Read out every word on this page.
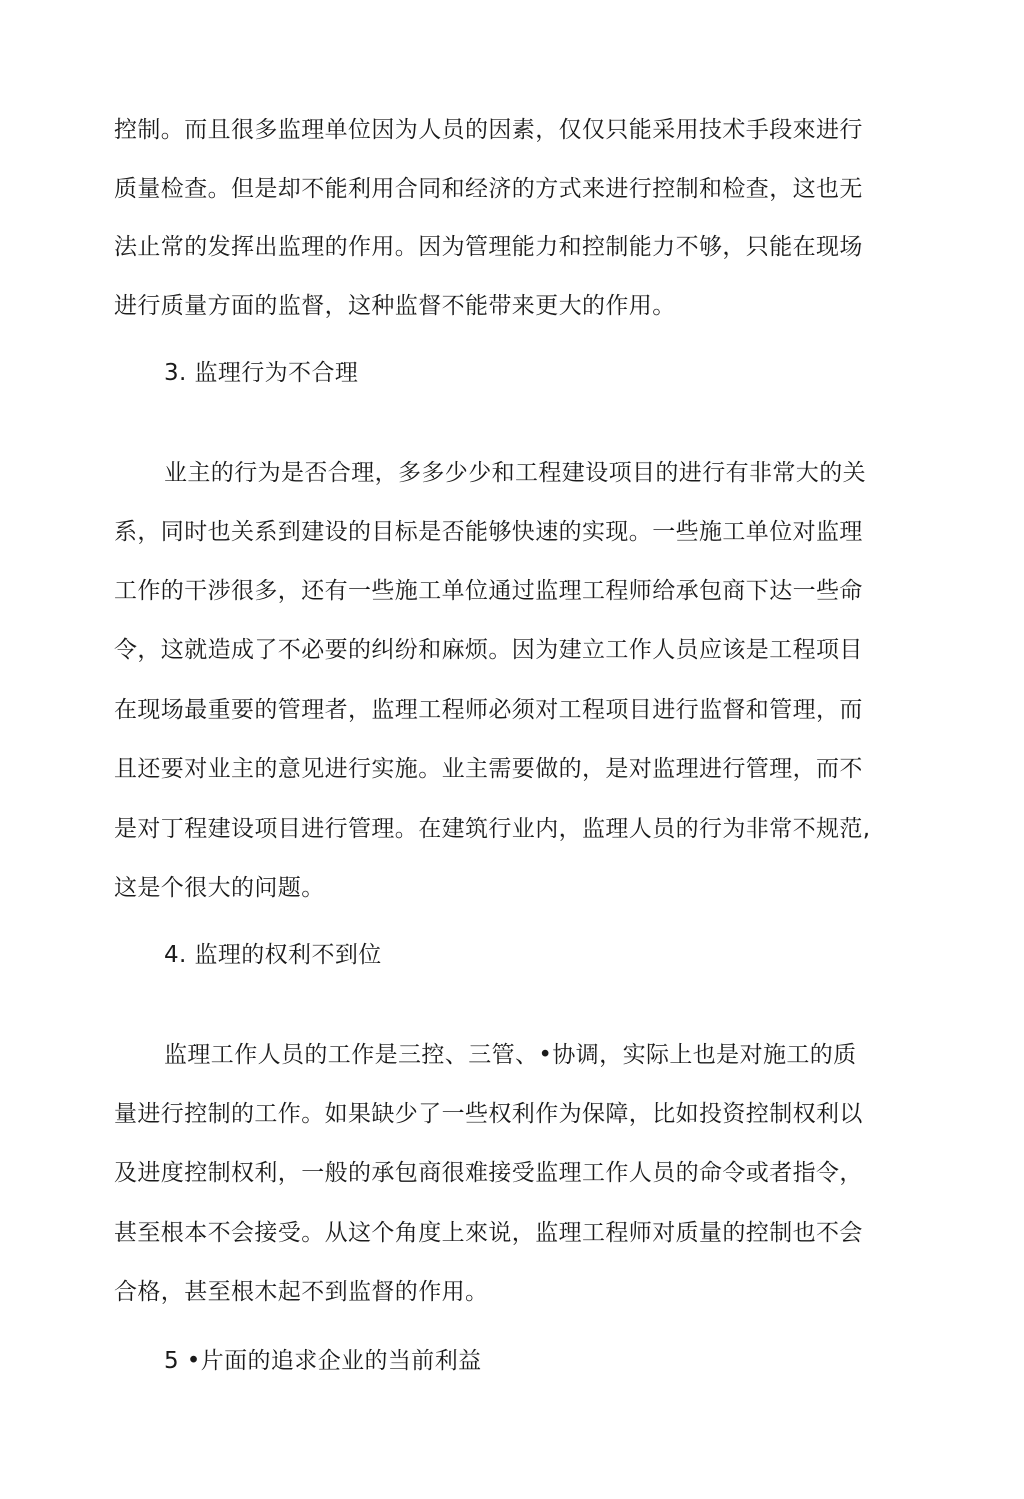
控制。而且很多监理单位因为人员的因素，仅仅只能采用技术手段來进行
质量检查。但是却不能利用合同和经济的方式来进行控制和检查，这也无
法止常的发挥出监理的作用。因为管理能力和控制能力不够，只能在现场
进行质量方面的监督，这种监督不能带来更大的作用。
3. 监理行为不合理
业主的行为是否合理，多多少少和工程建设项目的进行有非常大的关
系，同时也关系到建设的目标是否能够快速的实现。一些施工单位对监理
工作的干涉很多，还有一些施工单位通过监理工程师给承包商下达一些命
令，这就造成了不必要的纠纷和麻烦。因为建立工作人员应该是工程项目
在现场最重要的管理者，监理工程师必须对工程项目进行监督和管理，而
且还要对业主的意见进行实施。业主需要做的，是对监理进行管理，而不
是对丁程建设项目进行管理。在建筑行业内，监理人员的行为非常不规范,
这是个很大的问题。
4. 监理的权利不到位
监理工作人员的工作是三控、三管、•协调，实际上也是对施工的质
量进行控制的工作。如果缺少了一些权利作为保障，比如投资控制权利以
及进度控制权利，一般的承包商很难接受监理工作人员的命令或者指令，
甚至根本不会接受。从这个角度上來说，监理工程师对质量的控制也不会
合格，甚至根木起不到监督的作用。
5 •片面的追求企业的当前利益
